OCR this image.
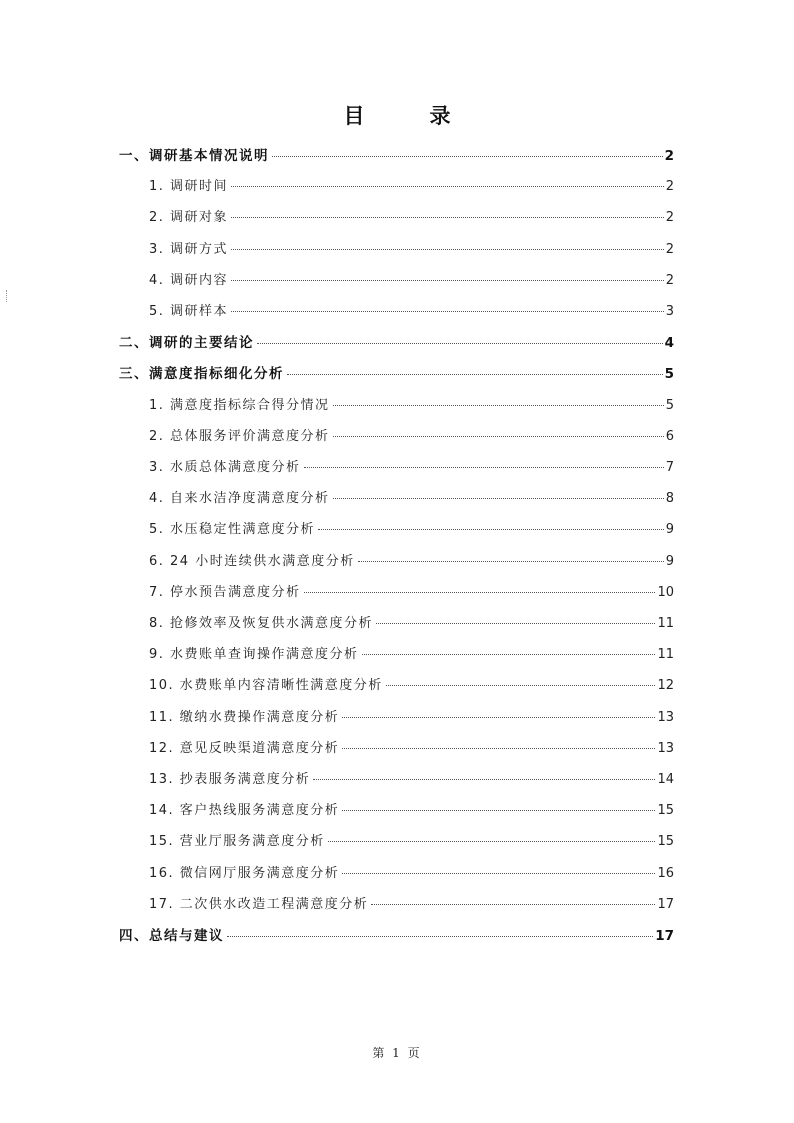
目　录
一、调研基本情况说明	2
1. 调研时间	2
2. 调研对象	2
3. 调研方式	2
4. 调研内容	2
5. 调研样本	3
二、调研的主要结论	4
三、满意度指标细化分析	5
1. 满意度指标综合得分情况	5
2. 总体服务评价满意度分析	6
3. 水质总体满意度分析	7
4. 自来水洁净度满意度分析	8
5. 水压稳定性满意度分析	9
6. 24 小时连续供水满意度分析	9
7. 停水预告满意度分析	10
8. 抢修效率及恢复供水满意度分析	11
9. 水费账单查询操作满意度分析	11
10. 水费账单内容清晰性满意度分析	12
11. 缴纳水费操作满意度分析	13
12. 意见反映渠道满意度分析	13
13. 抄表服务满意度分析	14
14. 客户热线服务满意度分析	15
15. 营业厅服务满意度分析	15
16. 微信网厅服务满意度分析	16
17. 二次供水改造工程满意度分析	17
四、总结与建议	17
第 1 页
